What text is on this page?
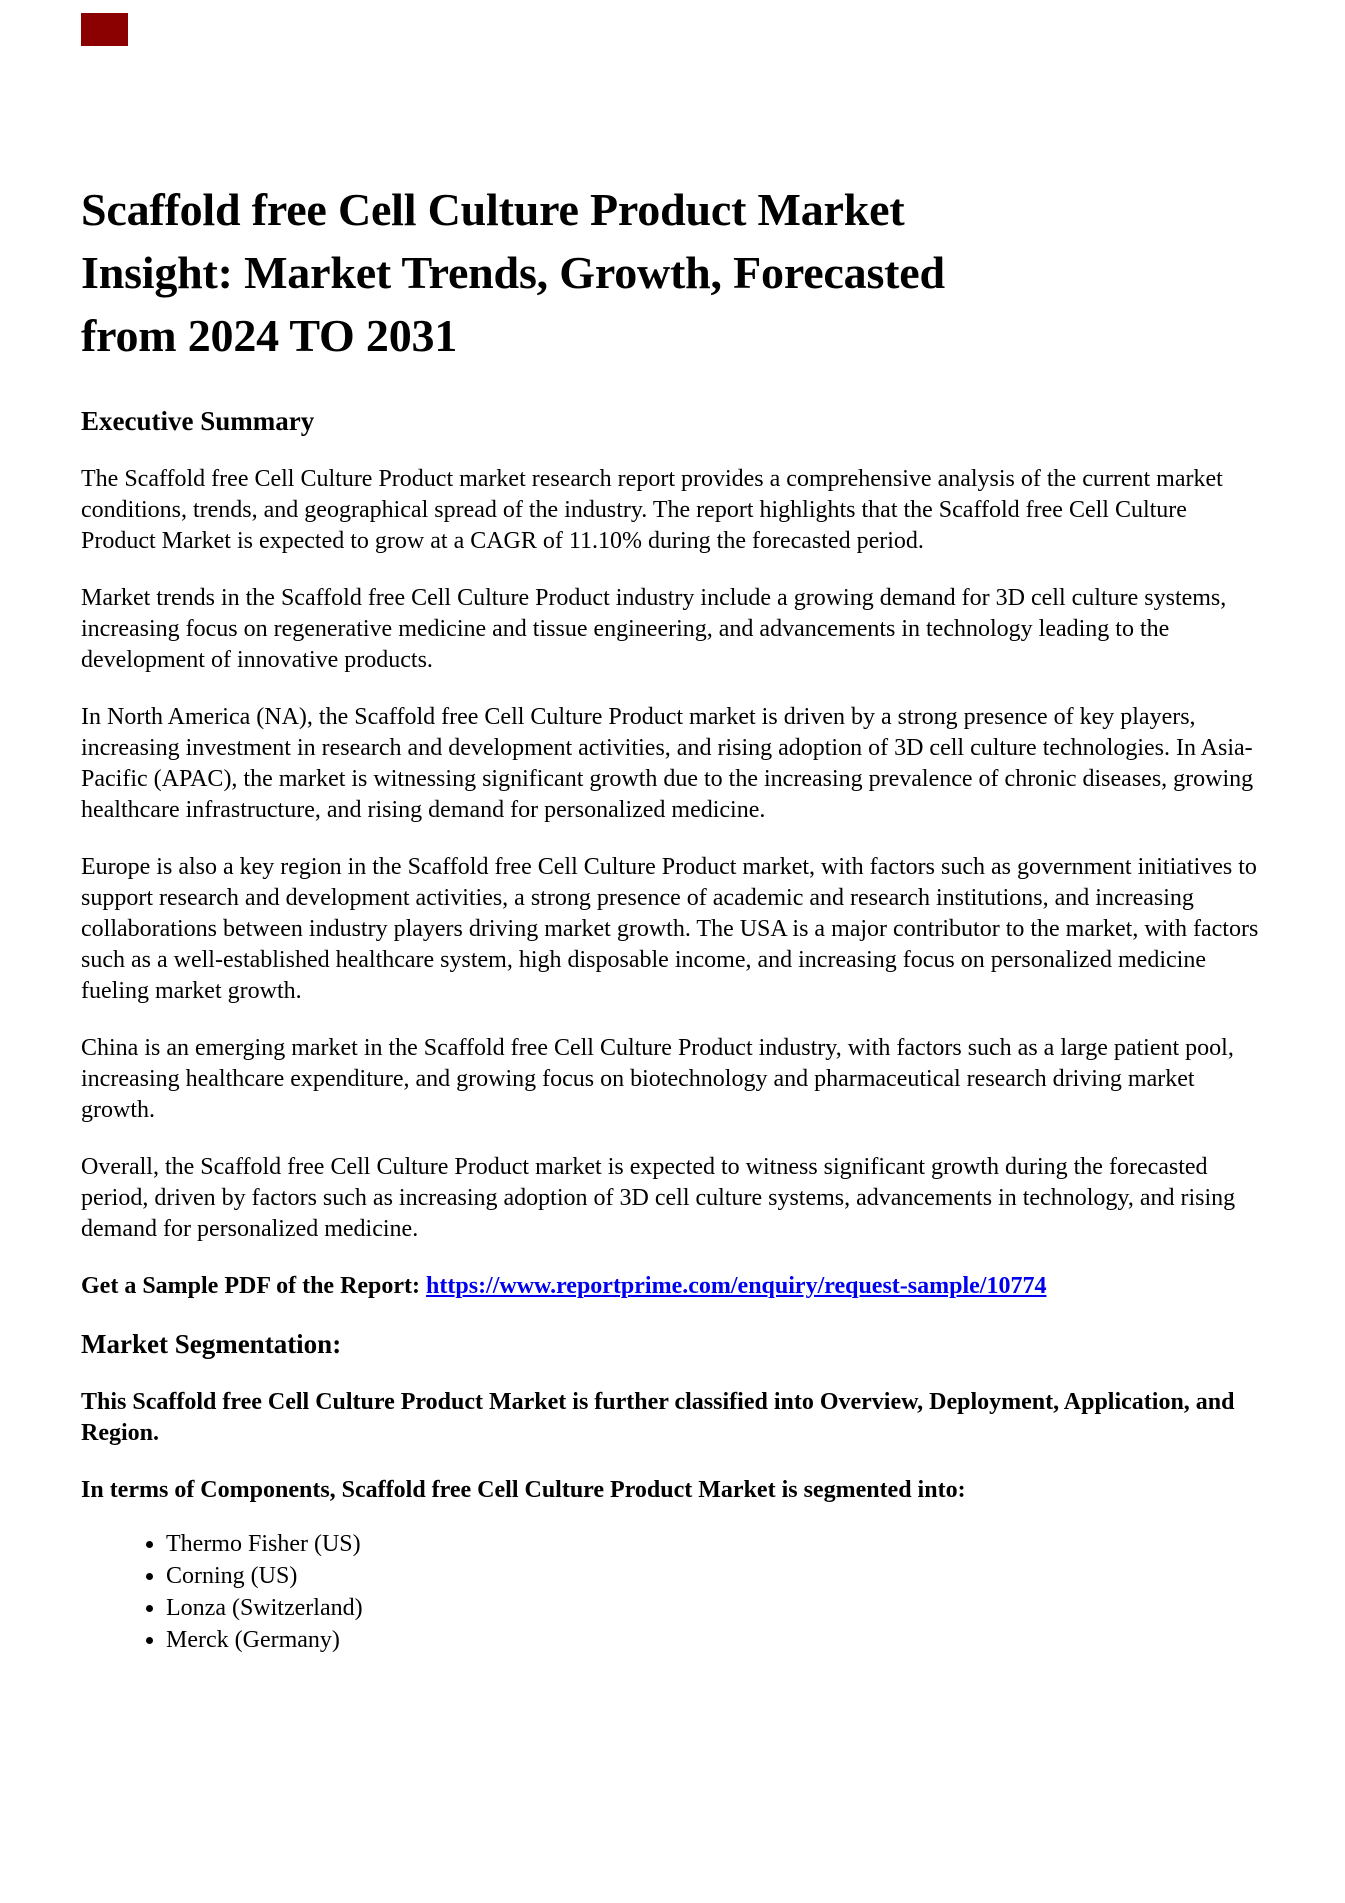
Scaffold free Cell Culture Product Market
Insight: Market Trends, Growth, Forecasted
from 2024 TO 2031
Executive Summary

The Scaffold free Cell Culture Product market research report provides a comprehensive analysis of the current market conditions, trends, and geographical spread of the industry. The report highlights that the Scaffold free Cell Culture Product Market is expected to grow at a CAGR of 11.10% during the forecasted period.

Market trends in the Scaffold free Cell Culture Product industry include a growing demand for 3D cell culture systems, increasing focus on regenerative medicine and tissue engineering, and advancements in technology leading to the development of innovative products.

In North America (NA), the Scaffold free Cell Culture Product market is driven by a strong presence of key players, increasing investment in research and development activities, and rising adoption of 3D cell culture technologies. In Asia-Pacific (APAC), the market is witnessing significant growth due to the increasing prevalence of chronic diseases, growing healthcare infrastructure, and rising demand for personalized medicine.

Europe is also a key region in the Scaffold free Cell Culture Product market, with factors such as government initiatives to support research and development activities, a strong presence of academic and research institutions, and increasing collaborations between industry players driving market growth. The USA is a major contributor to the market, with factors such as a well-established healthcare system, high disposable income, and increasing focus on personalized medicine fueling market growth.

China is an emerging market in the Scaffold free Cell Culture Product industry, with factors such as a large patient pool, increasing healthcare expenditure, and growing focus on biotechnology and pharmaceutical research driving market growth.

Overall, the Scaffold free Cell Culture Product market is expected to witness significant growth during the forecasted period, driven by factors such as increasing adoption of 3D cell culture systems, advancements in technology, and rising demand for personalized medicine.

Get a Sample PDF of the Report: https://www.reportprime.com/enquiry/request-sample/10774

Market Segmentation:

This Scaffold free Cell Culture Product Market is further classified into Overview, Deployment, Application, and Region.

In terms of Components, Scaffold free Cell Culture Product Market is segmented into:

• Thermo Fisher (US)
• Corning (US)
• Lonza (Switzerland)
• Merck (Germany)
